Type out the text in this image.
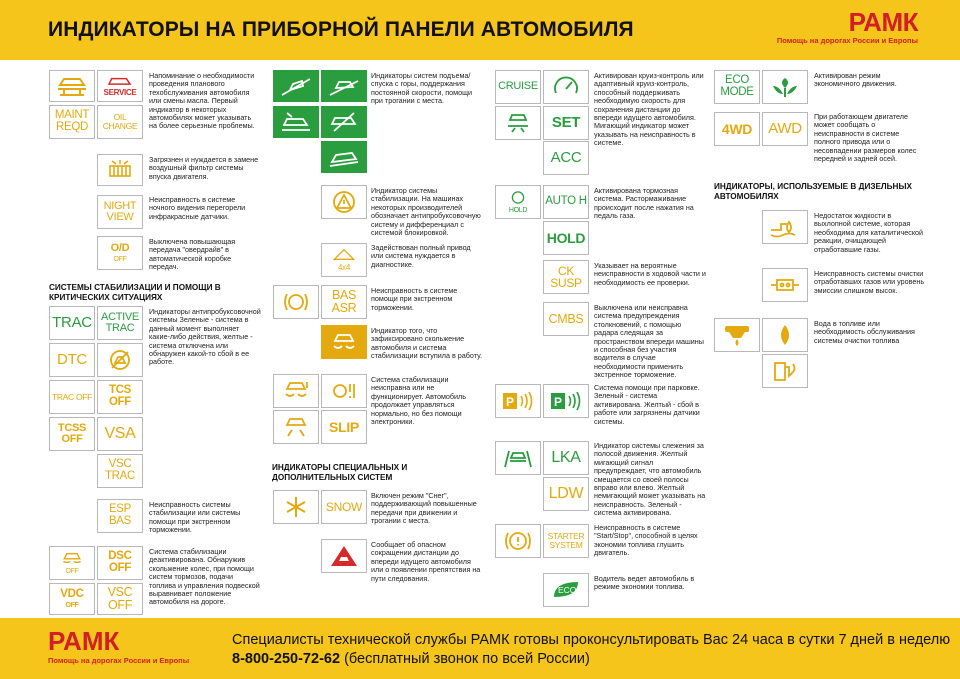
ИНДИКАТОРЫ НА ПРИБОРНОЙ ПАНЕЛИ АВТОМОБИЛЯ	РАМК
Помощь на дорогах России и Европы
SERVICE
MAINT REQD
OIL CHANGE
Напоминание о необходимости проведения планового техобслуживания автомобиля или смены масла. Первый индикатор в некоторых автомобилях может указывать на более серьезные проблемы.
Загрязнен и нуждается в замене воздушный фильтр системы впуска двигателя.
NIGHT VIEW
Неисправность в системе ночного видения перегорели инфракрасные датчики.
O/D
OFF
Выключена повышающая передача "овердрайв" в автоматической коробке передач.
СИСТЕМЫ СТАБИЛИЗАЦИИ И ПОМОЩИ В КРИТИЧЕСКИХ СИТУАЦИЯХ
TRAC ACTIVE TRAC
DTC
Индикаторы антипробуксовочной системы Зеленые - система в данный момент выполняет какие-либо действия, желтые - система отключена или обнаружен какой-то сбой в ее работе.
TRAC OFF
TCS OFF
TCSS OFF	VSA
VSC TRAC
ESP BAS
Неисправность системы стабилизации или системы помощи при экстренном торможении.
OFF
DSC OFF
VDC
OFF
VSC OFF
Система стабилизации деактивирована. Обнаружив скольжение колес, при помощи систем тормозов, подачи топлива и управления подвеской выравнивает положение автомобиля на дороге.
Индикаторы систем подъема/спуска с горы, поддержания постоянной скорости, помощи при трогании с места.
Индикатор системы стабилизации. На машинах некоторых производителей обозначает антипробуксовочную систему и дифференциал с системой блокировкой.
4x4
Задействован полный привод или система нуждается в диагностике.
BAS ASR
Неисправность в системе помощи при экстренном торможении.
Индикатор того, что зафиксировано скольжение автомобиля и система стабилизации вступила в работу.
SLIP
Система стабилизации неисправна или не функционирует. Автомобиль продолжает управляться нормально, но без помощи электроники.
ИНДИКАТОРЫ СПЕЦИАЛЬНЫХ И ДОПОЛНИТЕЛЬНЫХ СИСТЕМ
SNOW
Включен режим "Снег", поддерживающий повышенные передачи при движении и трогании с места.
Сообщает об опасном сокращении дистанции до впереди идущего автомобиля или о появлении препятствия на пути следования.
CRUISE
SET
ACC
Активирован круиз-контроль или адаптивный круиз-контроль, способный поддерживать необходимую скорость для сохранения дистанции до впереди идущего автомобиля. Мигающий индикатор может указывать на неисправность в системе.
HOLD
AUTO H
HOLD
Активирована тормозная система. Растормаживание происходит после нажатия на педаль газа.
CK SUSP
Указывает на вероятные неисправности в ходовой части и необходимость ее проверки.
CMBS
Выключена или неисправна система предупреждения столкновений, с помощью радара следящая за пространством впереди машины и способная без участия водителя в случае необходимости применить экстренное торможение.
P	P
Система помощи при парковке. Зеленый - система активирована. Желтый - сбой в работе или загрязнены датчики системы.
LKA
LDW
Индикатор системы слежения за полосой движения. Желтый мигающий сигнал предупреждает, что автомобиль смещается со своей полосы вправо или влево. Желтый немигающий может указывать на неисправность. Зеленый - система активирована.
STARTER SYSTEM
Неисправность в системе "Start/Stop", способной в целях экономии топлива глушить двигатель.
ECO
Водитель ведет автомобиль в режиме экономии топлива.
ECO MODE
Активирован режим экономичного движения.
4WD AWD
При работающем двигателе может сообщать о неисправности в системе полного привода или о несовпадении размеров колес передней и задней осей.
ИНДИКАТОРЫ, ИСПОЛЬЗУЕМЫЕ В ДИЗЕЛЬНЫХ АВТОМОБИЛЯХ
Недостаток жидкости в выхлопной системе, которая необходима для каталитической реакции, очищающей отработавшие газы.
Неисправность системы очистки отработавших газов или уровень эмиссии слишком высок.
Вода в топливе или необходимость обслуживания системы очистки топлива
РАМК
Помощь на дорогах России и Европы
Специалисты технической службы РАМК готовы проконсультировать Вас 24 часа в сутки 7 дней в неделю
8-800-250-72-62 (бесплатный звонок по всей России)
